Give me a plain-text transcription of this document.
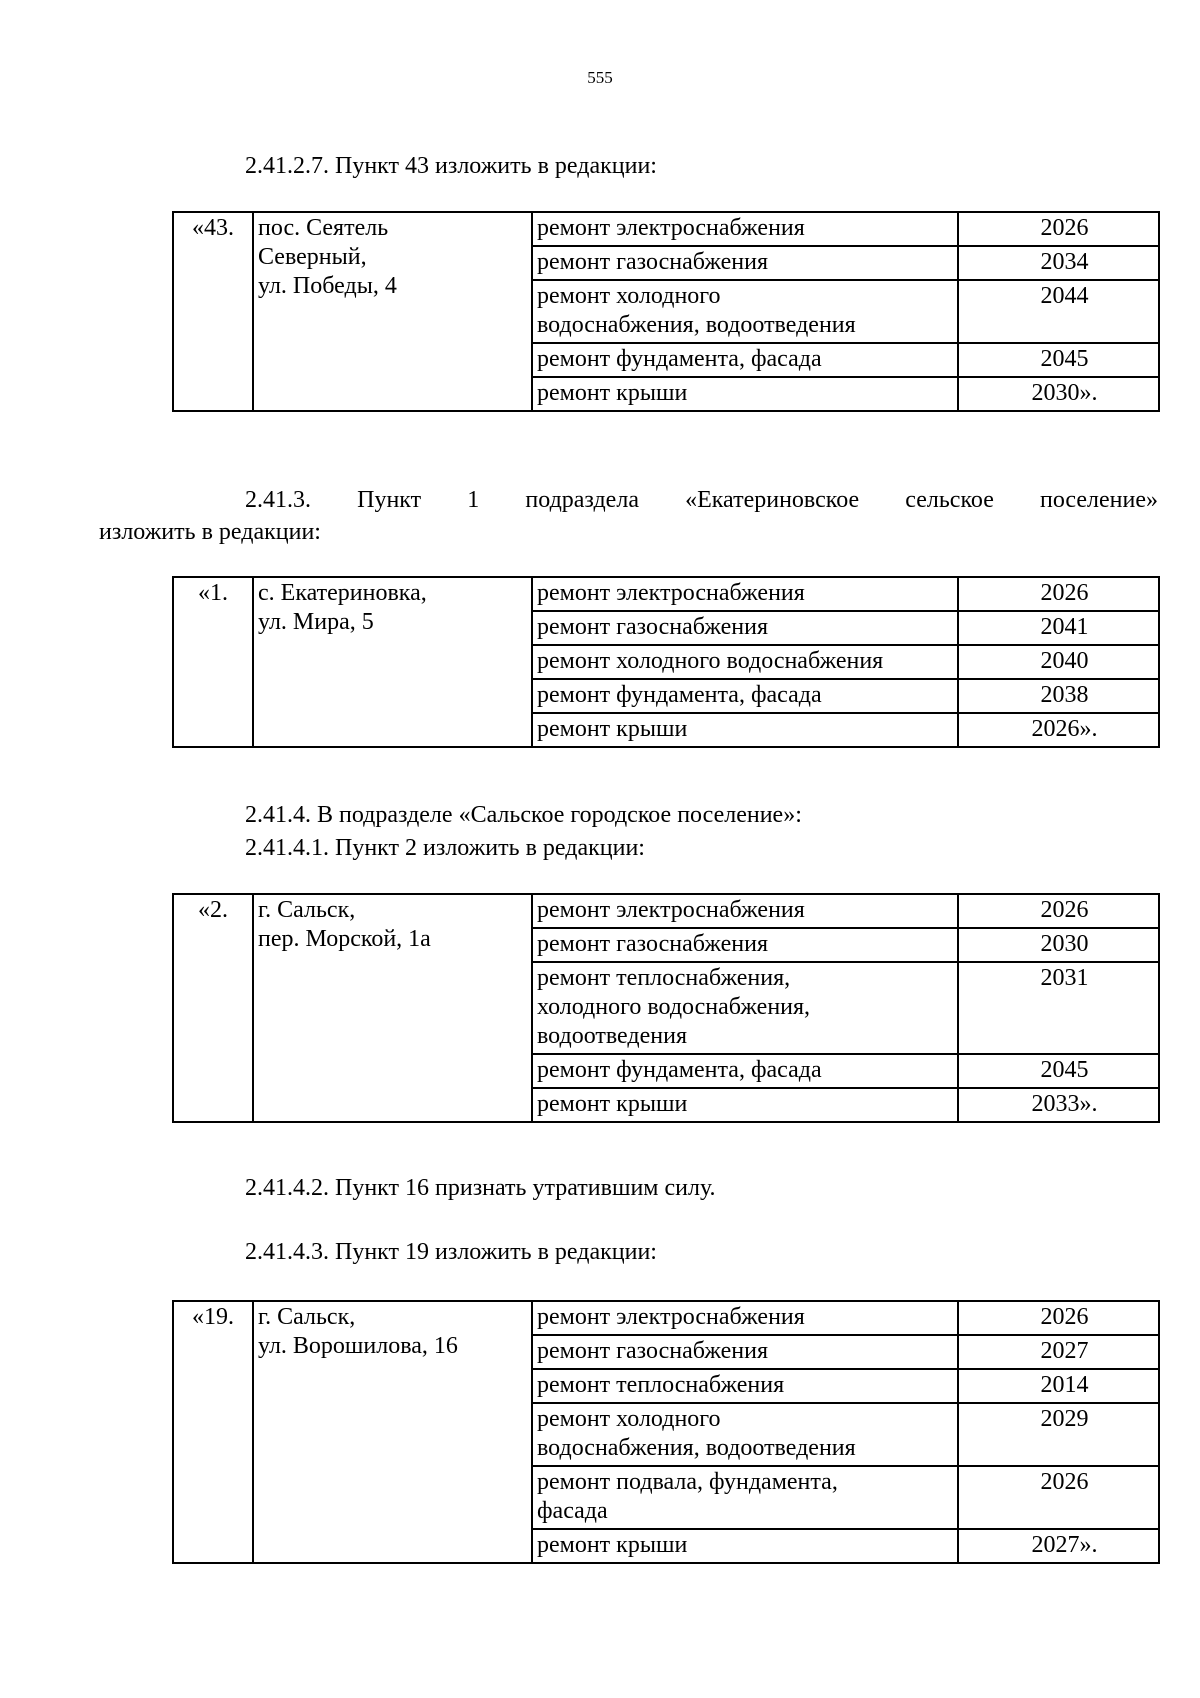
555

2.41.2.7. Пункт 43 изложить в редакции:

«43.	пос. Сеятель
Северный,
ул. Победы, 4	ремонт электроснабжения	2026

		ремонт газоснабжения	2034

		ремонт холодного
водоснабжения, водоотведения	2044

		ремонт фундамента, фасада	2045

		ремонт крыши	2030».

2.41.3. Пункт 1 подраздела «Екатериновское сельское поселение»
изложить в редакции:

«1.	с. Екатериновка,
ул. Мира, 5	ремонт электроснабжения	2026

		ремонт газоснабжения	2041

		ремонт холодного водоснабжения	2040

		ремонт фундамента, фасада	2038

		ремонт крыши	2026».

2.41.4. В подразделе «Сальское городское поселение»:

2.41.4.1. Пункт 2 изложить в редакции:

«2.	г. Сальск,
пер. Морской, 1а	ремонт электроснабжения	2026

		ремонт газоснабжения	2030

		ремонт теплоснабжения,
холодного водоснабжения,
водоотведения	2031

		ремонт фундамента, фасада	2045

		ремонт крыши	2033».

2.41.4.2. Пункт 16 признать утратившим силу.

2.41.4.3. Пункт 19 изложить в редакции:

«19.	г. Сальск,
ул. Ворошилова, 16	ремонт электроснабжения	2026

		ремонт газоснабжения	2027

		ремонт теплоснабжения	2014

		ремонт холодного
водоснабжения, водоотведения	2029

		ремонт подвала, фундамента,
фасада	2026

		ремонт крыши	2027».
